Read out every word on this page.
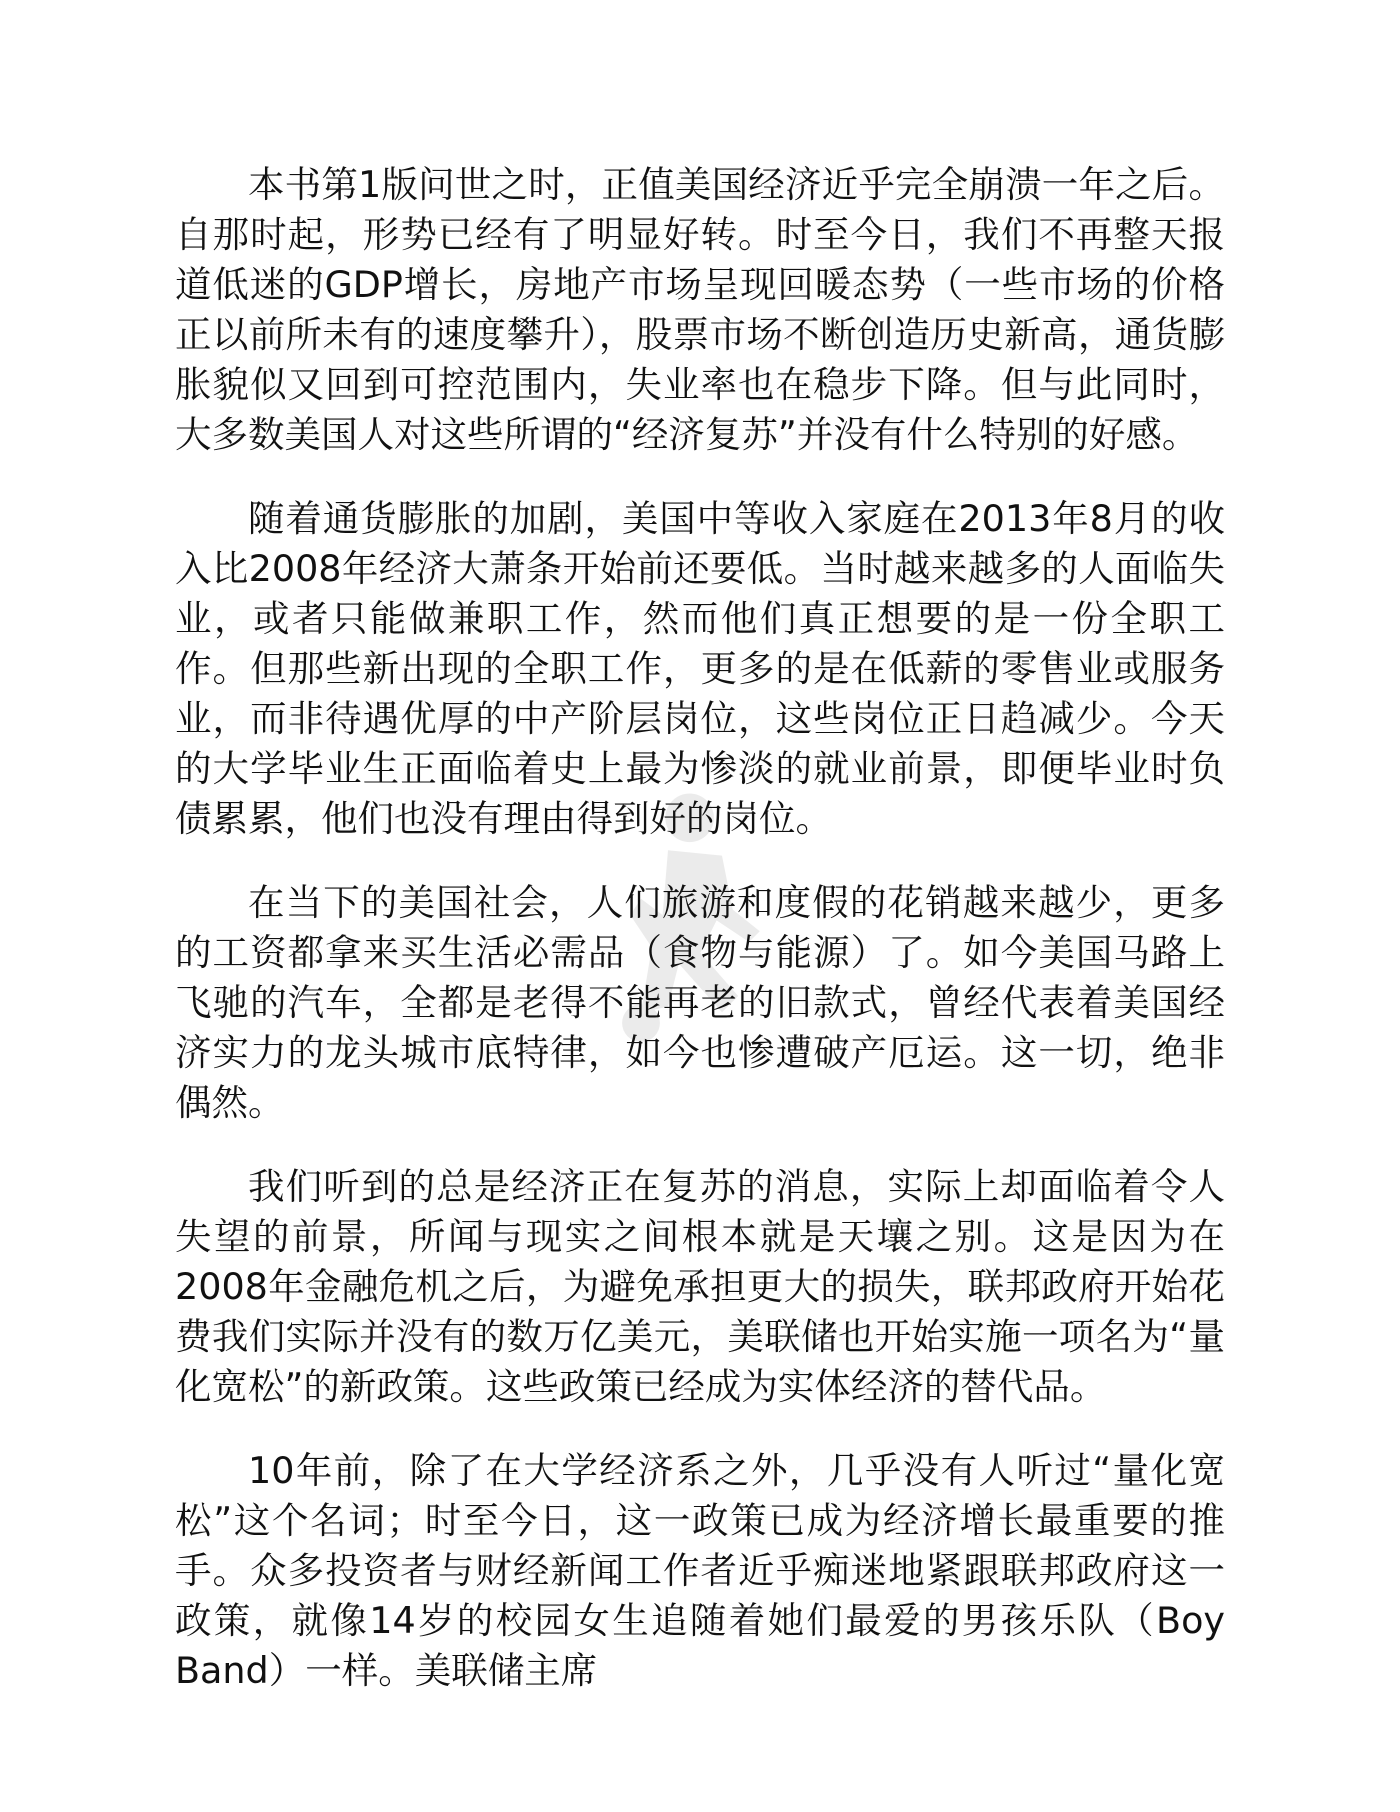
本书第1版问世之时，正值美国经济近乎完全崩溃一年之后。自那时起，形势已经有了明显好转。时至今日，我们不再整天报道低迷的GDP增长，房地产市场呈现回暖态势（一些市场的价格正以前所未有的速度攀升），股票市场不断创造历史新高，通货膨胀貌似又回到可控范围内，失业率也在稳步下降。但与此同时，大多数美国人对这些所谓的“经济复苏”并没有什么特别的好感。

随着通货膨胀的加剧，美国中等收入家庭在2013年8月的收入比2008年经济大萧条开始前还要低。当时越来越多的人面临失业，或者只能做兼职工作，然而他们真正想要的是一份全职工作。但那些新出现的全职工作，更多的是在低薪的零售业或服务业，而非待遇优厚的中产阶层岗位，这些岗位正日趋减少。今天的大学毕业生正面临着史上最为惨淡的就业前景，即便毕业时负债累累，他们也没有理由得到好的岗位。

在当下的美国社会，人们旅游和度假的花销越来越少，更多的工资都拿来买生活必需品（食物与能源）了。如今美国马路上飞驰的汽车，全都是老得不能再老的旧款式，曾经代表着美国经济实力的龙头城市底特律，如今也惨遭破产厄运。这一切，绝非偶然。

我们听到的总是经济正在复苏的消息，实际上却面临着令人失望的前景，所闻与现实之间根本就是天壤之别。这是因为在2008年金融危机之后，为避免承担更大的损失，联邦政府开始花费我们实际并没有的数万亿美元，美联储也开始实施一项名为“量化宽松”的新政策。这些政策已经成为实体经济的替代品。

10年前，除了在大学经济系之外，几乎没有人听过“量化宽松”这个名词；时至今日，这一政策已成为经济增长最重要的推手。众多投资者与财经新闻工作者近乎痴迷地紧跟联邦政府这一政策，就像14岁的校园女生追随着她们最爱的男孩乐队（Boy Band）一样。美联储主席
